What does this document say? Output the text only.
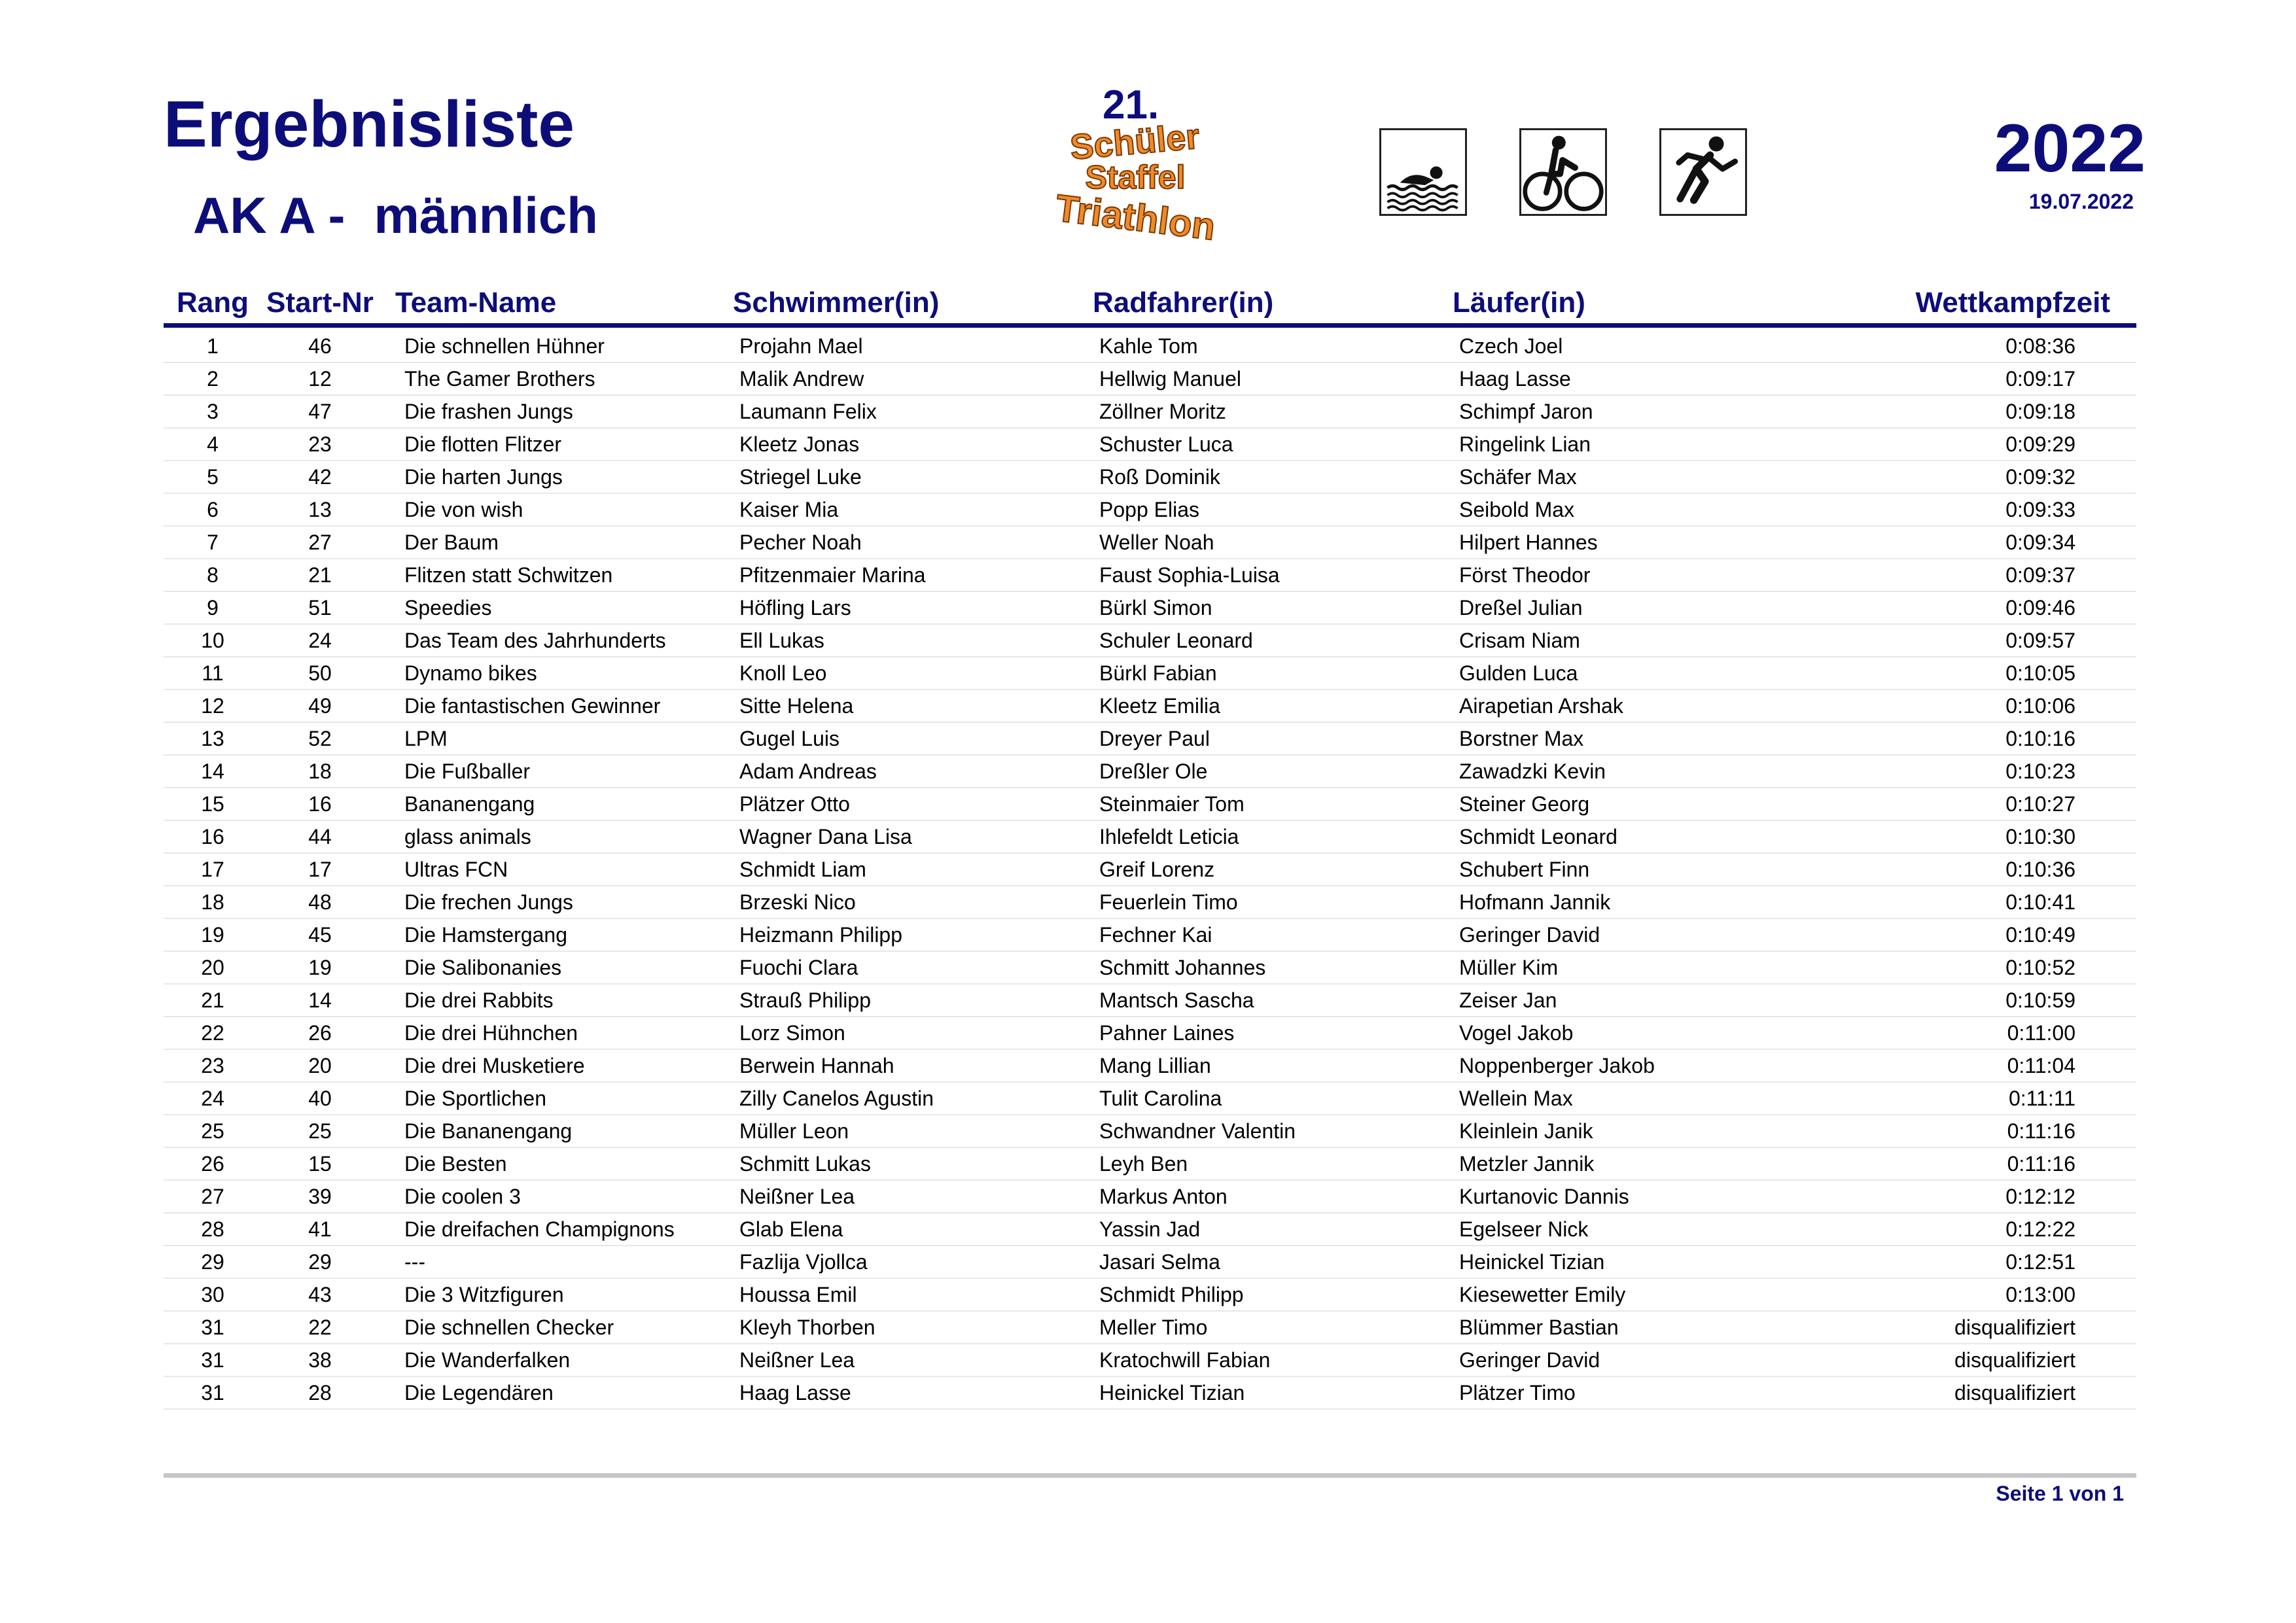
Ergebnisliste
AK A - männlich
21.
Schüler
Staffel
Triathlon
2022
19.07.2022
Rang	Start-Nr	Team-Name	Schwimmer(in)	Radfahrer(in)	Läufer(in)	Wettkampfzeit
1	46	Die schnellen Hühner	Projahn Mael	Kahle Tom	Czech Joel	0:08:36
2	12	The Gamer Brothers	Malik Andrew	Hellwig Manuel	Haag Lasse	0:09:17
3	47	Die frashen Jungs	Laumann Felix	Zöllner Moritz	Schimpf Jaron	0:09:18
4	23	Die flotten Flitzer	Kleetz Jonas	Schuster Luca	Ringelink Lian	0:09:29
5	42	Die harten Jungs	Striegel Luke	Roß Dominik	Schäfer Max	0:09:32
6	13	Die von wish	Kaiser Mia	Popp Elias	Seibold Max	0:09:33
7	27	Der Baum	Pecher Noah	Weller Noah	Hilpert Hannes	0:09:34
8	21	Flitzen statt Schwitzen	Pfitzenmaier Marina	Faust Sophia-Luisa	Först Theodor	0:09:37
9	51	Speedies	Höfling Lars	Bürkl Simon	Dreßel Julian	0:09:46
10	24	Das Team des Jahrhunderts	Ell Lukas	Schuler Leonard	Crisam Niam	0:09:57
11	50	Dynamo bikes	Knoll Leo	Bürkl Fabian	Gulden Luca	0:10:05
12	49	Die fantastischen Gewinner	Sitte Helena	Kleetz Emilia	Airapetian Arshak	0:10:06
13	52	LPM	Gugel Luis	Dreyer Paul	Borstner Max	0:10:16
14	18	Die Fußballer	Adam Andreas	Dreßler Ole	Zawadzki Kevin	0:10:23
15	16	Bananengang	Plätzer Otto	Steinmaier Tom	Steiner Georg	0:10:27
16	44	glass animals	Wagner Dana Lisa	Ihlefeldt Leticia	Schmidt Leonard	0:10:30
17	17	Ultras FCN	Schmidt Liam	Greif Lorenz	Schubert Finn	0:10:36
18	48	Die frechen Jungs	Brzeski Nico	Feuerlein Timo	Hofmann Jannik	0:10:41
19	45	Die Hamstergang	Heizmann Philipp	Fechner Kai	Geringer David	0:10:49
20	19	Die Salibonanies	Fuochi Clara	Schmitt Johannes	Müller Kim	0:10:52
21	14	Die drei Rabbits	Strauß Philipp	Mantsch Sascha	Zeiser Jan	0:10:59
22	26	Die drei Hühnchen	Lorz Simon	Pahner Laines	Vogel Jakob	0:11:00
23	20	Die drei Musketiere	Berwein Hannah	Mang Lillian	Noppenberger Jakob	0:11:04
24	40	Die Sportlichen	Zilly Canelos Agustin	Tulit Carolina	Wellein Max	0:11:11
25	25	Die Bananengang	Müller Leon	Schwandner Valentin	Kleinlein Janik	0:11:16
26	15	Die Besten	Schmitt Lukas	Leyh Ben	Metzler Jannik	0:11:16
27	39	Die coolen 3	Neißner Lea	Markus Anton	Kurtanovic Dannis	0:12:12
28	41	Die dreifachen Champignons	Glab Elena	Yassin Jad	Egelseer Nick	0:12:22
29	29	---	Fazlija Vjollca	Jasari Selma	Heinickel Tizian	0:12:51
30	43	Die 3 Witzfiguren	Houssa Emil	Schmidt Philipp	Kiesewetter Emily	0:13:00
31	22	Die schnellen Checker	Kleyh Thorben	Meller Timo	Blümmer Bastian	disqualifiziert
31	38	Die Wanderfalken	Neißner Lea	Kratochwill Fabian	Geringer David	disqualifiziert
31	28	Die Legendären	Haag Lasse	Heinickel Tizian	Plätzer Timo	disqualifiziert
Seite 1 von 1
